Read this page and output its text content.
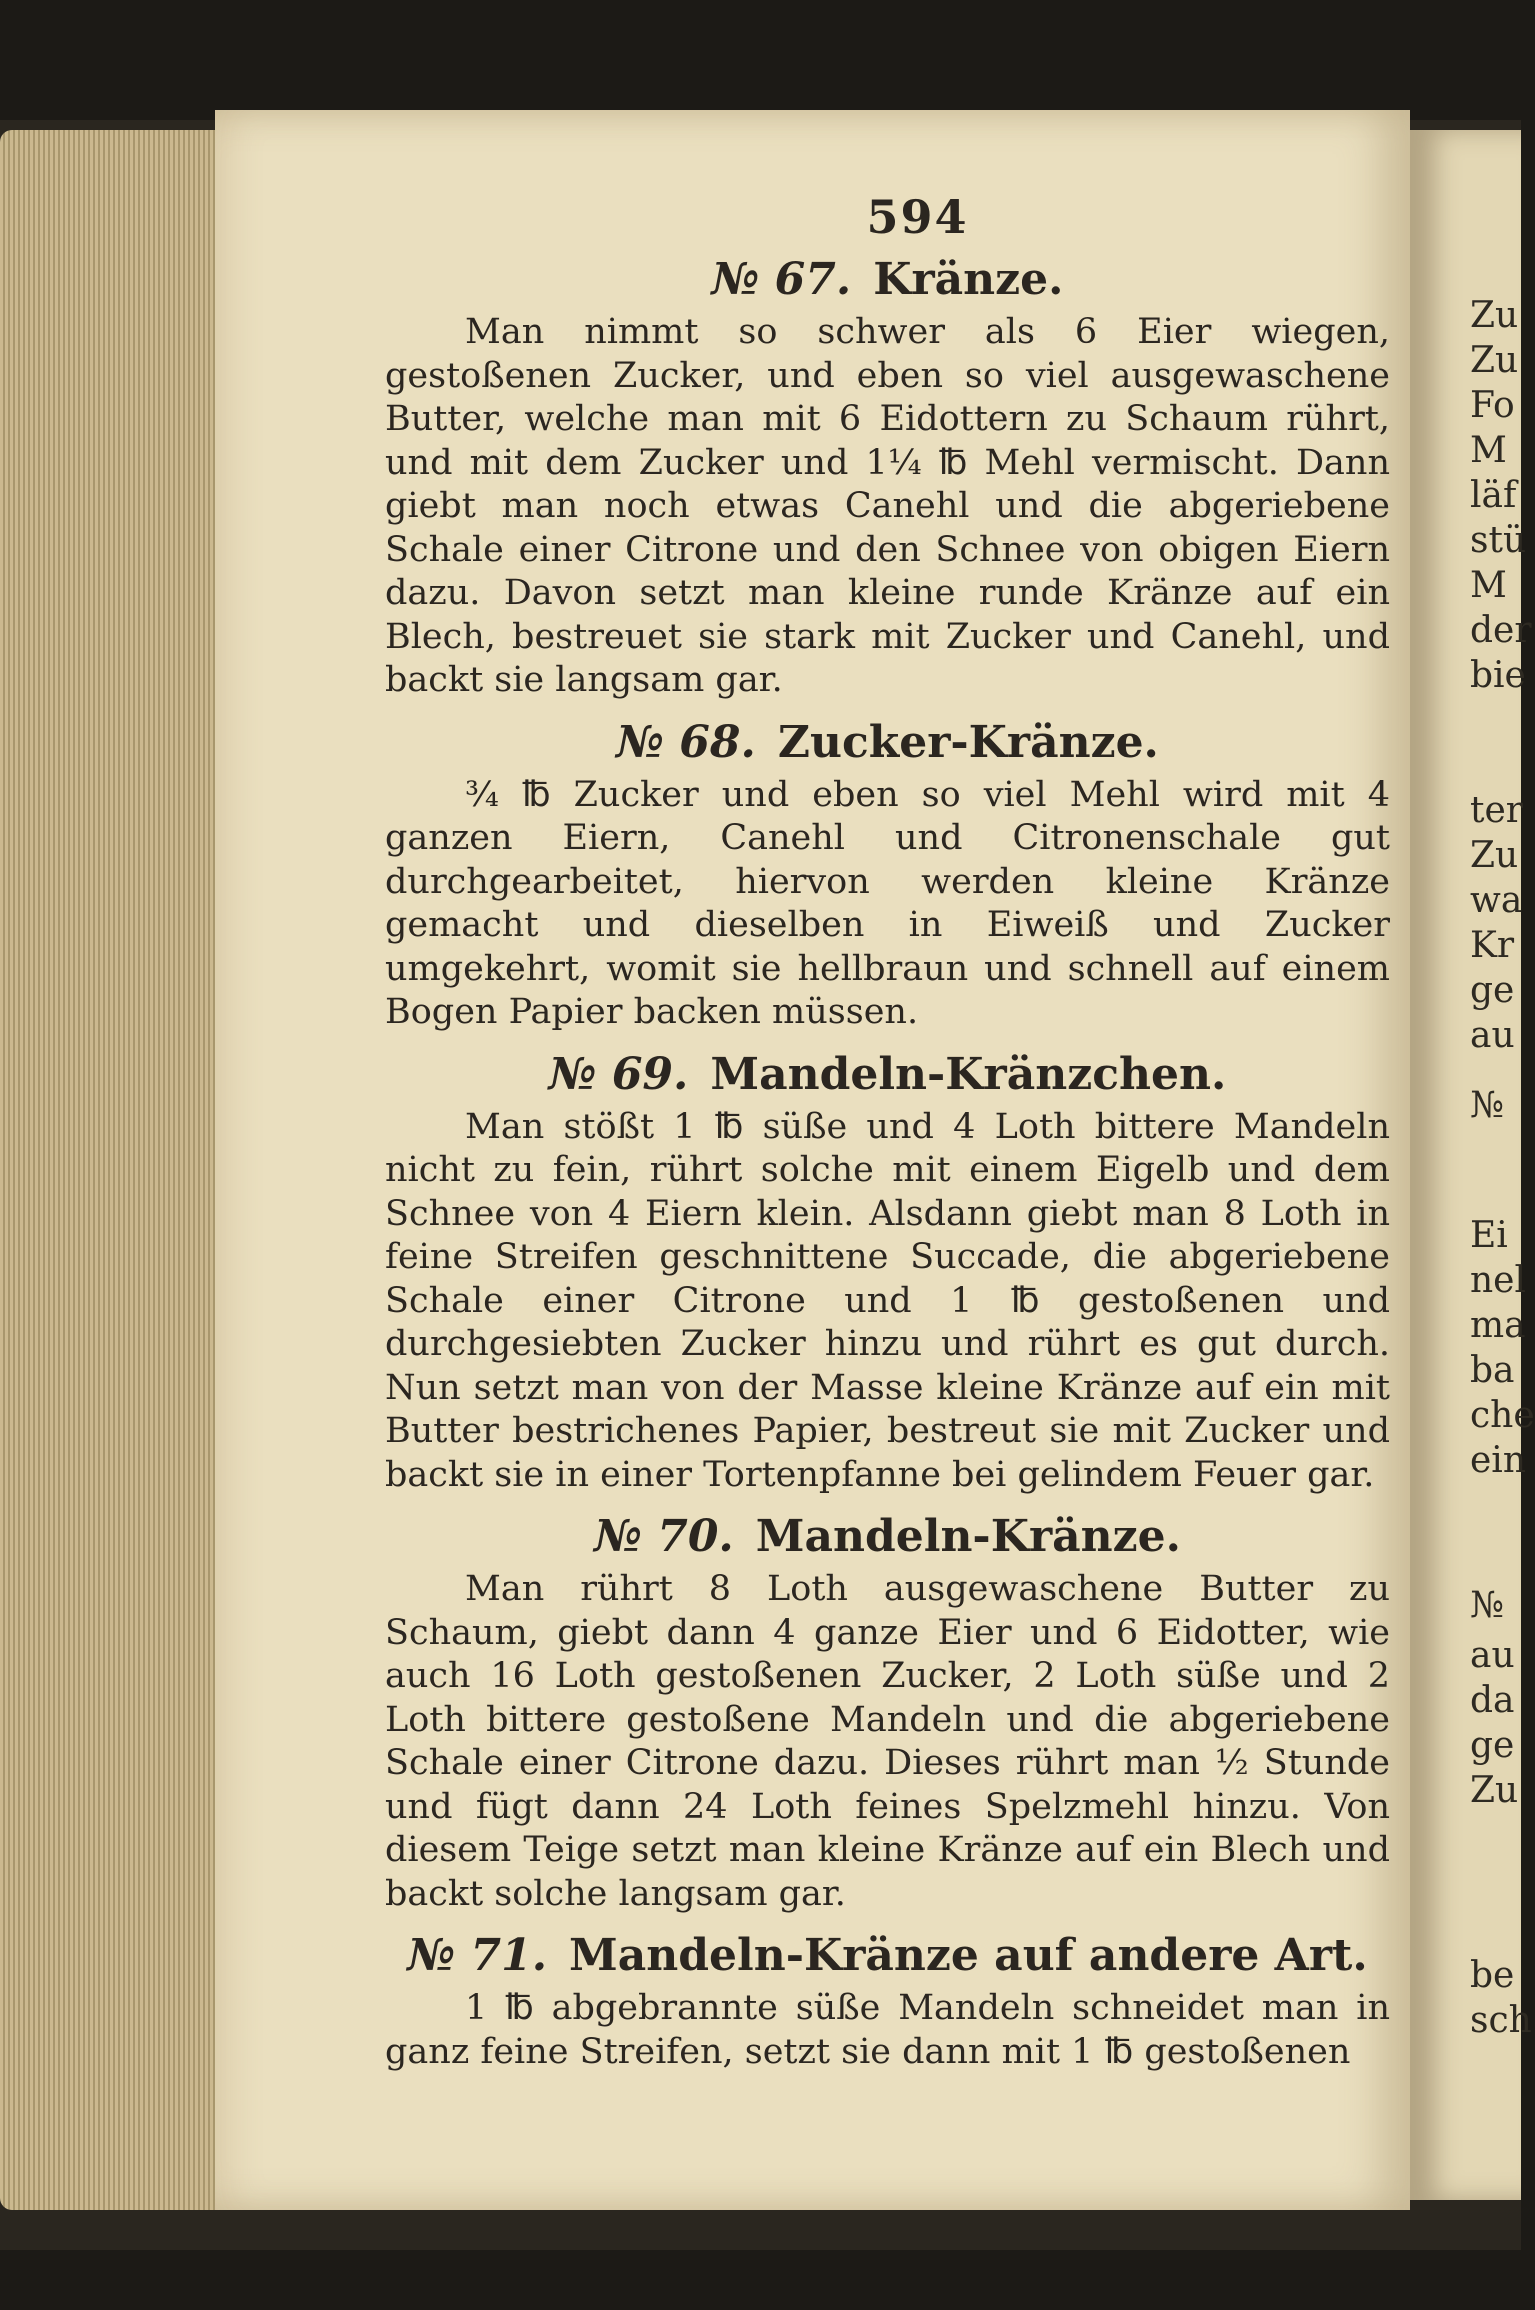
Zu
Zu
Fo
M
läf
stü
M
der
bie
ter
Zu
wa
Kr
ge
au
№
Ei
nel
ma
ba
che
ein
№
au
da
ge
Zu
be
sch
594
№ 67. Kränze.

Man nimmt so schwer als 6 Eier wiegen, gestoßenen Zucker, und eben so viel ausgewaschene Butter, welche man mit 6 Eidottern zu Schaum rührt, und mit dem Zucker und 1¼ ℔ Mehl vermischt. Dann giebt man noch etwas Canehl und die abgeriebene Schale einer Citrone und den Schnee von obigen Eiern dazu. Davon setzt man kleine runde Kränze auf ein Blech, bestreuet sie stark mit Zucker und Canehl, und backt sie langsam gar.

№ 68. Zucker-Kränze.

¾ ℔ Zucker und eben so viel Mehl wird mit 4 ganzen Eiern, Canehl und Citronenschale gut durchgearbeitet, hiervon werden kleine Kränze gemacht und dieselben in Eiweiß und Zucker umgekehrt, womit sie hellbraun und schnell auf einem Bogen Papier backen müssen.

№ 69. Mandeln-Kränzchen.

Man stößt 1 ℔ süße und 4 Loth bittere Mandeln nicht zu fein, rührt solche mit einem Eigelb und dem Schnee von 4 Eiern klein. Alsdann giebt man 8 Loth in feine Streifen geschnittene Succade, die abgeriebene Schale einer Citrone und 1 ℔ gestoßenen und durchgesiebten Zucker hinzu und rührt es gut durch. Nun setzt man von der Masse kleine Kränze auf ein mit Butter bestrichenes Papier, bestreut sie mit Zucker und backt sie in einer Tortenpfanne bei gelindem Feuer gar.

№ 70. Mandeln-Kränze.

Man rührt 8 Loth ausgewaschene Butter zu Schaum, giebt dann 4 ganze Eier und 6 Eidotter, wie auch 16 Loth gestoßenen Zucker, 2 Loth süße und 2 Loth bittere gestoßene Mandeln und die abgeriebene Schale einer Citrone dazu. Dieses rührt man ½ Stunde und fügt dann 24 Loth feines Spelzmehl hinzu. Von diesem Teige setzt man kleine Kränze auf ein Blech und backt solche langsam gar.

№ 71. Mandeln-Kränze auf andere Art.

1 ℔ abgebrannte süße Mandeln schneidet man in ganz feine Streifen, setzt sie dann mit 1 ℔ gestoßenen
